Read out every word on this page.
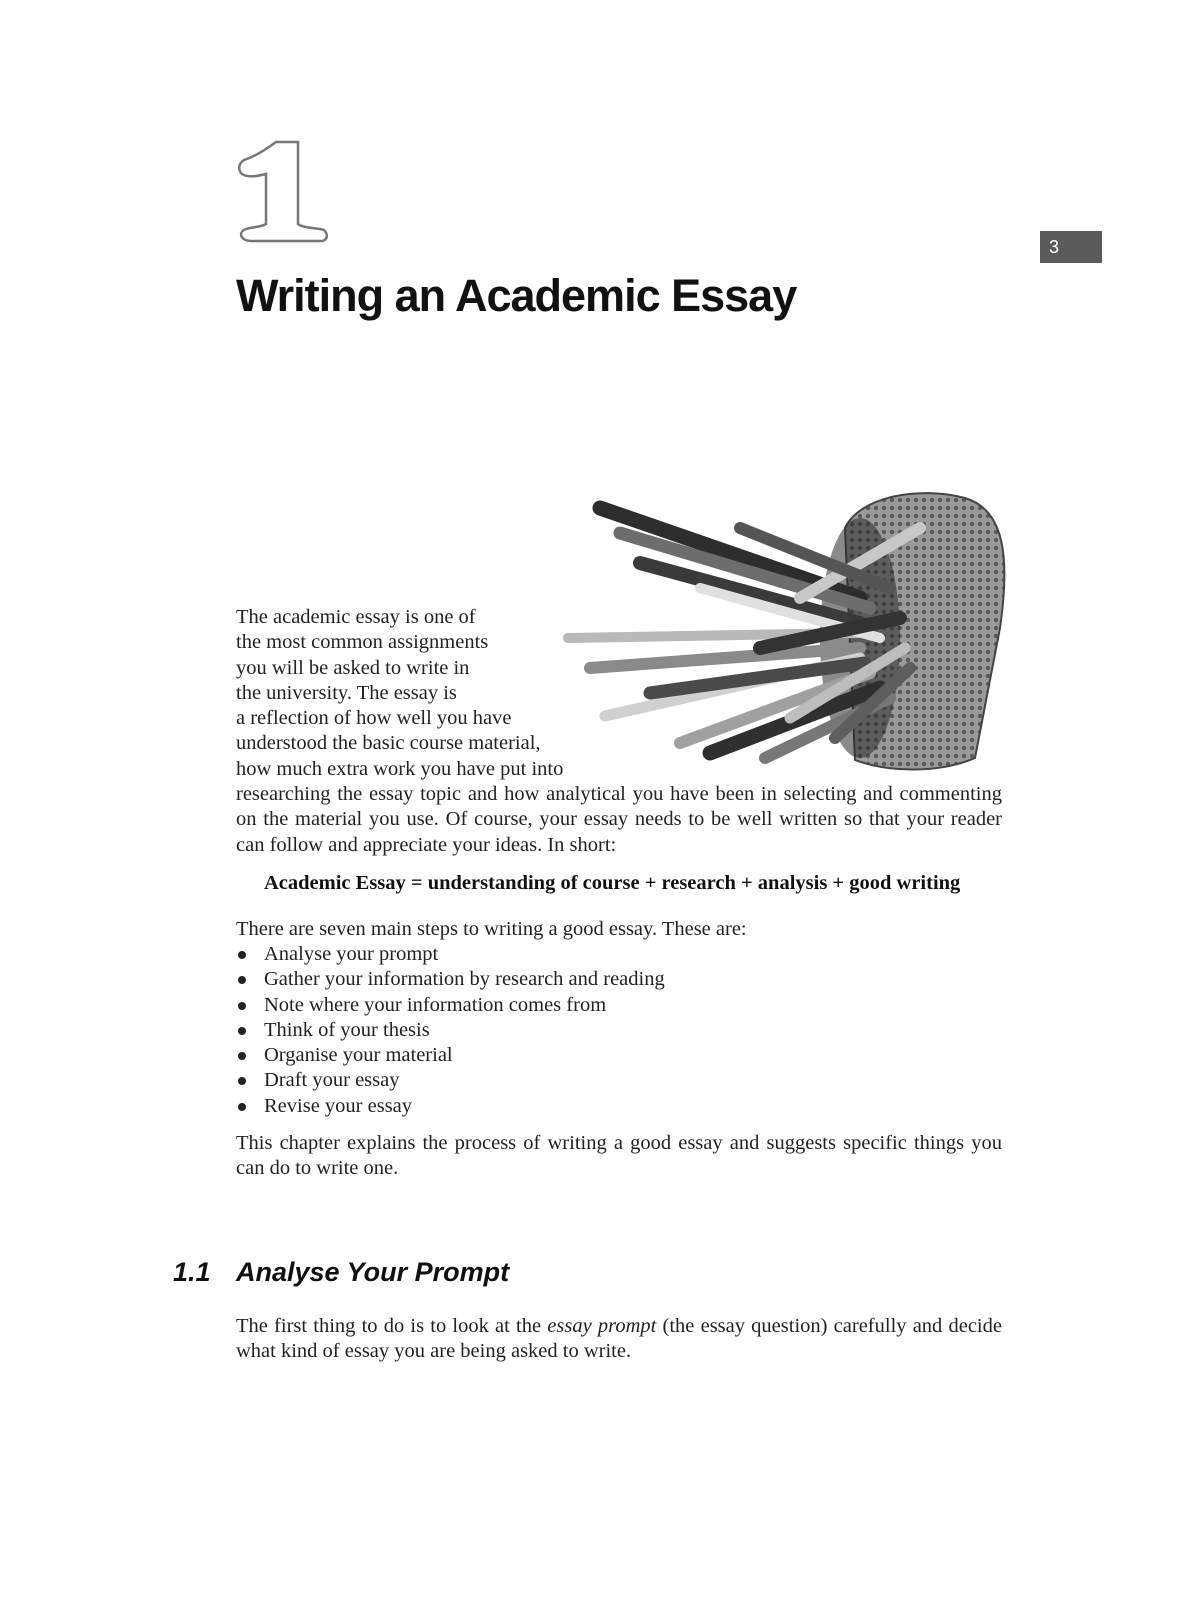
3
Writing an Academic Essay
The academic essay is one of
the most common assignments
you will be asked to write in
the university. The essay is
a reflection of how well you have
understood the basic course material,
how much extra work you have put into

researching the essay topic and how analytical you have been in selecting and commenting on the material you use. Of course, your essay needs to be well written so that your reader can follow and appreciate your ideas. In short:

Academic Essay = understanding of course + research + analysis + good writing

There are seven main steps to writing a good essay. These are:

Analyse your prompt
Gather your information by research and reading
Note where your information comes from
Think of your thesis
Organise your material
Draft your essay
Revise your essay

This chapter explains the process of writing a good essay and suggests specific things you can do to write one.

1.1 Analyse Your Prompt

The first thing to do is to look at the essay prompt (the essay question) carefully and decide what kind of essay you are being asked to write.
